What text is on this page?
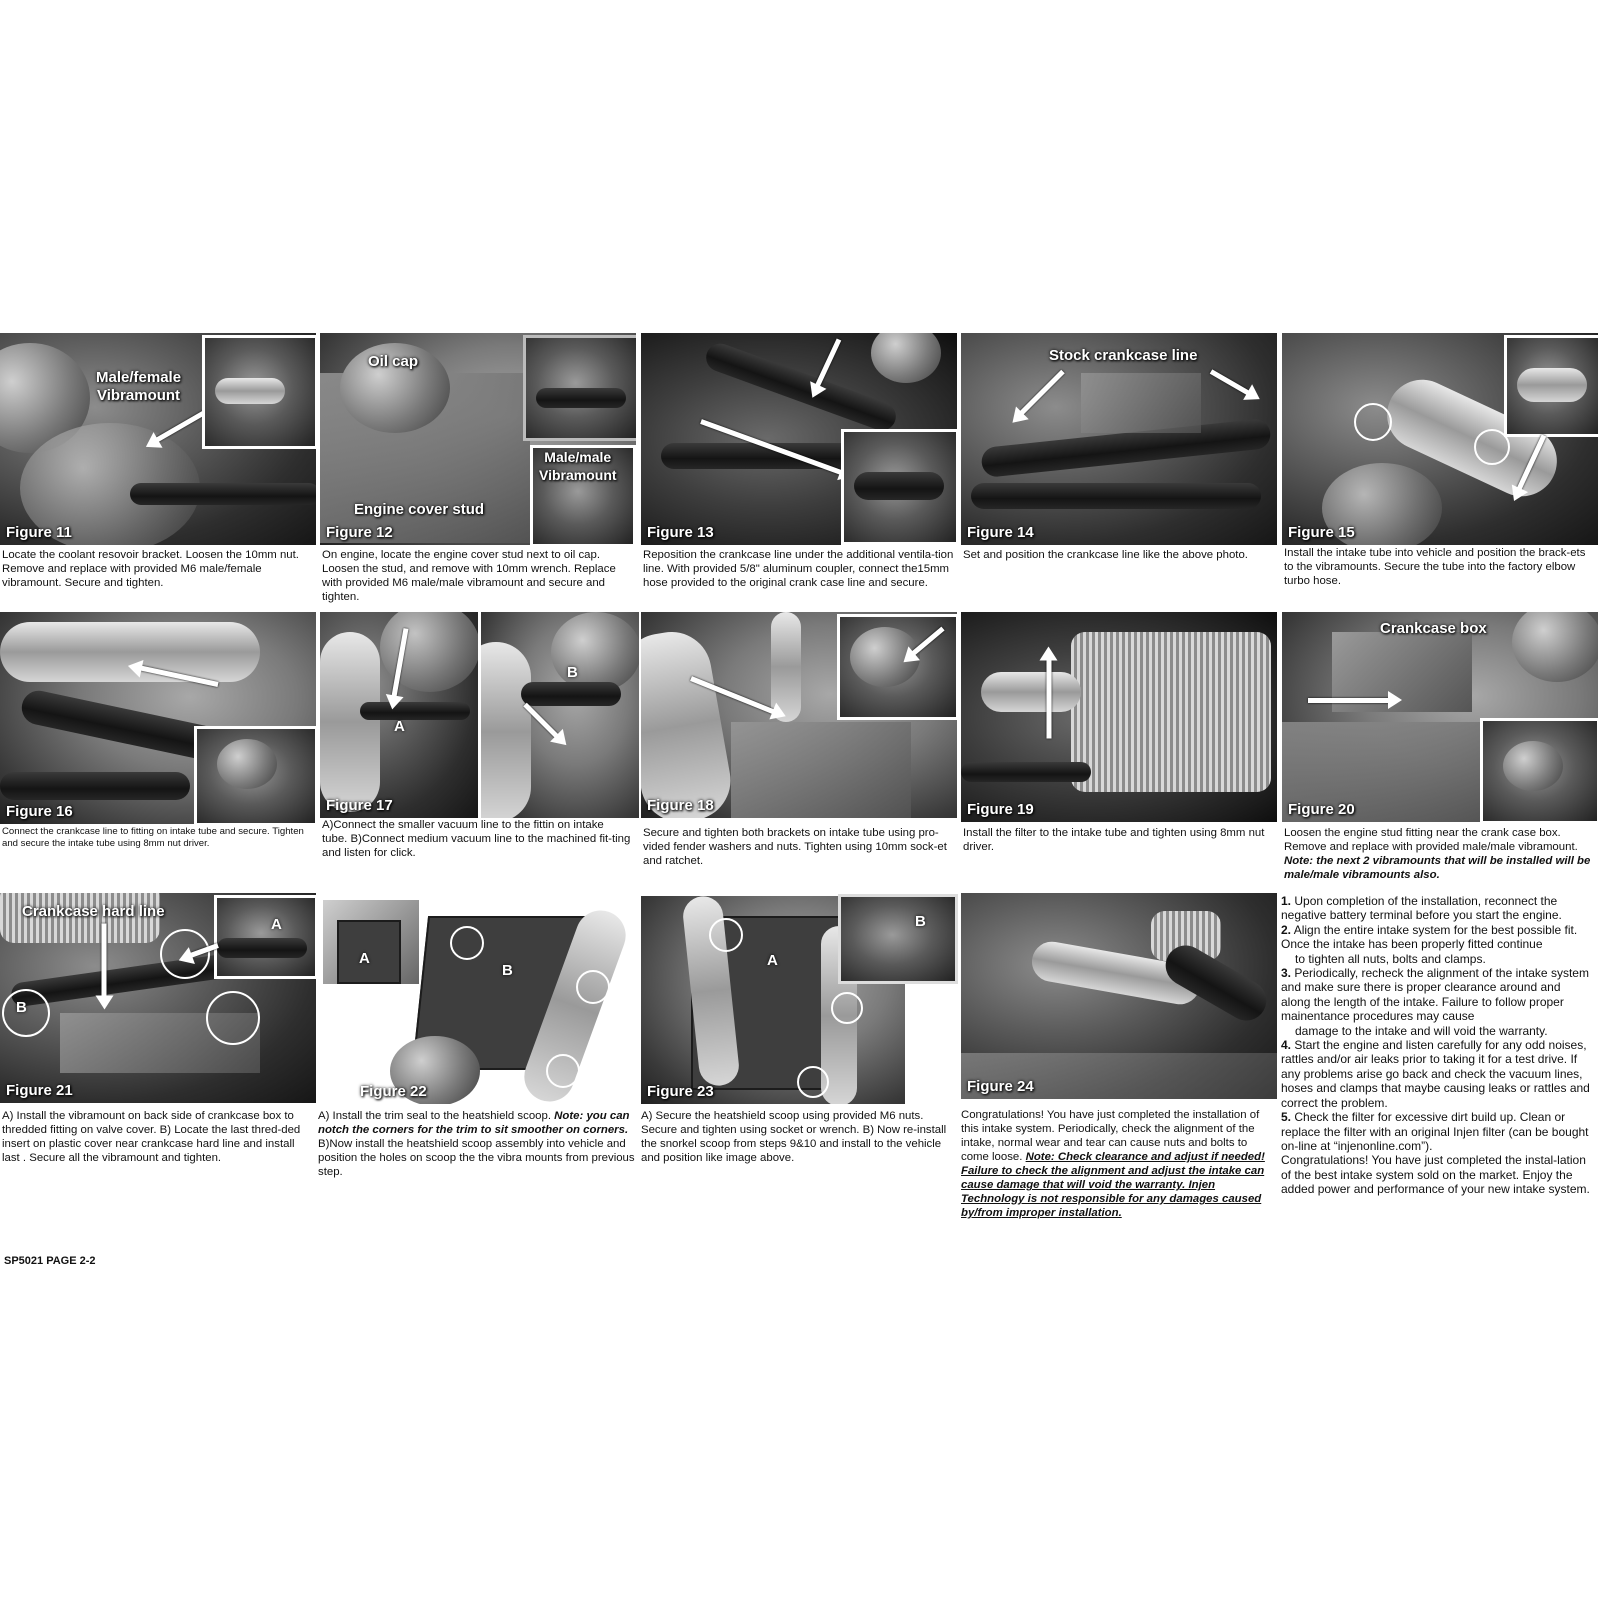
Male/female
Vibramount
Figure 11

Locate the coolant resovoir bracket. Loosen the 10mm nut. Remove and replace with provided M6 male/female vibramount. Secure and tighten.

Oil cap
Engine cover stud
Male/male
Vibramount
Figure 12

On engine, locate the engine cover stud next to oil cap. Loosen the stud, and remove with 10mm wrench. Replace with provided M6 male/male vibramount and secure and tighten.

Figure 13

Reposition the crankcase line under the additional ventila-tion line. With provided 5/8" aluminum coupler, connect the15mm hose provided to the original crank case line and secure.

Stock crankcase line
Figure 14

Set and position the crankcase line like the above photo.

Figure 15

Install the intake tube into vehicle and position the brack-ets to the vibramounts. Secure the tube into the factory elbow turbo hose.

Figure 16

Connect the crankcase line to fitting on intake tube and secure. Tighten and secure the intake tube using 8mm nut driver.

A
Figure 17
B

A)Connect the smaller vacuum line to the fittin on intake tube. B)Connect medium vacuum line to the machined fit-ting and listen for click.

Figure 18

Secure and tighten both brackets on intake tube using pro-vided fender washers and nuts. Tighten using 10mm sock-et and ratchet.

Figure 19

Install the filter to the intake tube and tighten using 8mm nut driver.

Crankcase box
Figure 20

Loosen the engine stud fitting near the crank case box. Remove and replace with provided male/male vibramount. Note: the next 2 vibramounts that will be installed will be male/male vibramounts also.

Crankcase hard line
B
A
Figure 21

A) Install the vibramount on back side of crankcase box to thredded fitting on valve cover. B) Locate the last thred-ded insert on plastic cover near crankcase hard line and install last . Secure all the vibramount and tighten.

B
Figure 22
A

A) Install the trim seal to the heatshield scoop. Note: you can notch the corners for the trim to sit smoother on corners. B)Now install the heatshield scoop assembly into vehicle and position the holes on scoop the the vibra mounts from previous step.

A
Figure 23
B

A) Secure the heatshield scoop using provided M6 nuts. Secure and tighten using socket or wrench. B) Now re-install the snorkel scoop from steps 9&10 and install to the vehicle and position like image above.

Figure 24

Congratulations! You have just completed the installation of this intake system. Periodically, check the alignment of the intake, normal wear and tear can cause nuts and bolts to come loose. Note: Check clearance and adjust if needed! Failure to check the alignment and adjust the intake can cause damage that will void the warranty. Injen Technology is not responsible for any damages caused by/from improper installation.

1. Upon completion of the installation, reconnect the negative battery terminal before you start the engine.

2. Align the entire intake system for the best possible fit. Once the intake has been properly fitted continue

to tighten all nuts, bolts and clamps.

3. Periodically, recheck the alignment of the intake system and make sure there is proper clearance around and along the length of the intake. Failure to follow proper mainentance procedures may cause

damage to the intake and will void the warranty.

4. Start the engine and listen carefully for any odd noises, rattles and/or air leaks prior to taking it for a test drive. If any problems arise go back and check the vacuum lines, hoses and clamps that maybe causing leaks or rattles and correct the problem.

5. Check the filter for excessive dirt build up. Clean or replace the filter with an original Injen filter (can be bought on-line at “injenonline.com”).

Congratulations! You have just completed the instal-lation of the best intake system sold on the market. Enjoy the added power and performance of your new intake system.

SP5021 PAGE 2-2
